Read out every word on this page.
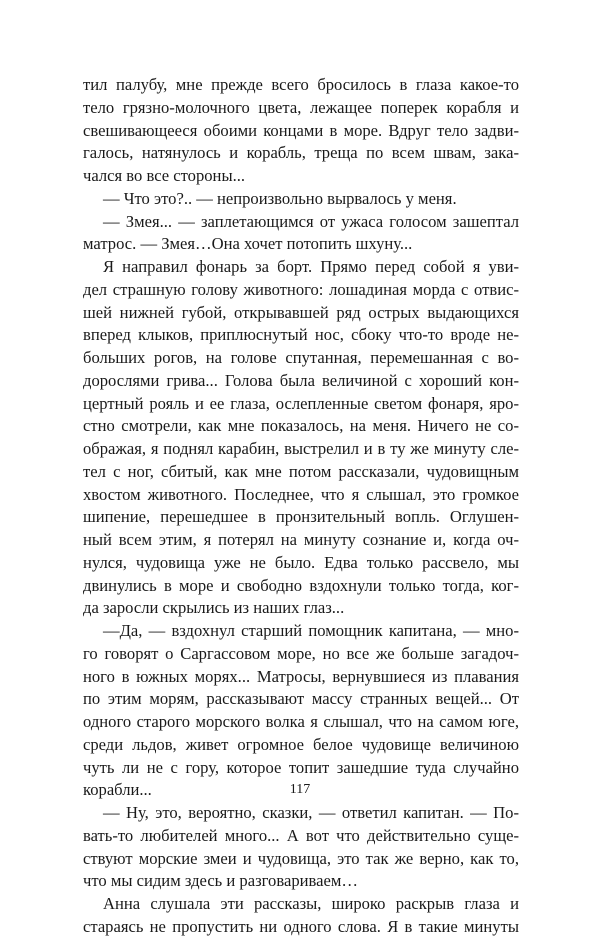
тил палубу, мне прежде всего бросилось в глаза какое-то
тело грязно-молочного цвета, лежащее поперек корабля и
свешивающееся обоими концами в море. Вдруг тело задви-
галось, натянулось и корабль, треща по всем швам, зака-
чался во все стороны...
— Что это?.. — непроизвольно вырвалось у меня.
— Змея... — заплетающимся от ужаса голосом зашептал
матрос. — Змея…Она хочет потопить шхуну...
Я направил фонарь за борт. Прямо перед собой я уви-
дел страшную голову животного: лошадиная морда с отвис-
шей нижней губой, открывавшей ряд острых выдающихся
вперед клыков, приплюснутый нос, сбоку что-то вроде не-
больших рогов, на голове спутанная, перемешанная с во-
дорослями грива... Голова была величиной с хороший кон-
цертный рояль и ее глаза, ослепленные светом фонаря, яро-
стно смотрели, как мне показалось, на меня. Ничего не со-
ображая, я поднял карабин, выстрелил и в ту же минуту сле-
тел с ног, сбитый, как мне потом рассказали, чудовищным
хвостом животного. Последнее, что я слышал, это громкое
шипение, перешедшее в пронзительный вопль. Оглушен-
ный всем этим, я потерял на минуту сознание и, когда оч-
нулся, чудовища уже не было. Едва только рассвело, мы
двинулись в море и свободно вздохнули только тогда, ког-
да заросли скрылись из наших глаз...
—Да, — вздохнул старший помощник капитана, — мно-
го говорят о Саргассовом море, но все же больше загадоч-
ного в южных морях... Матросы, вернувшиеся из плавания
по этим морям, рассказывают массу странных вещей... От
одного старого морского волка я слышал, что на самом юге,
среди льдов, живет огромное белое чудовище величиною
чуть ли не с гору, которое топит зашедшие туда случайно
корабли...
— Ну, это, вероятно, сказки, — ответил капитан. — По-
вать-то любителей много... А вот что действительно суще-
ствуют морские змеи и чудовища, это так же верно, как то,
что мы сидим здесь и разговариваем…
Анна слушала эти рассказы, широко раскрыв глаза и
стараясь не пропустить ни одного слова. Я в такие минуты
117
